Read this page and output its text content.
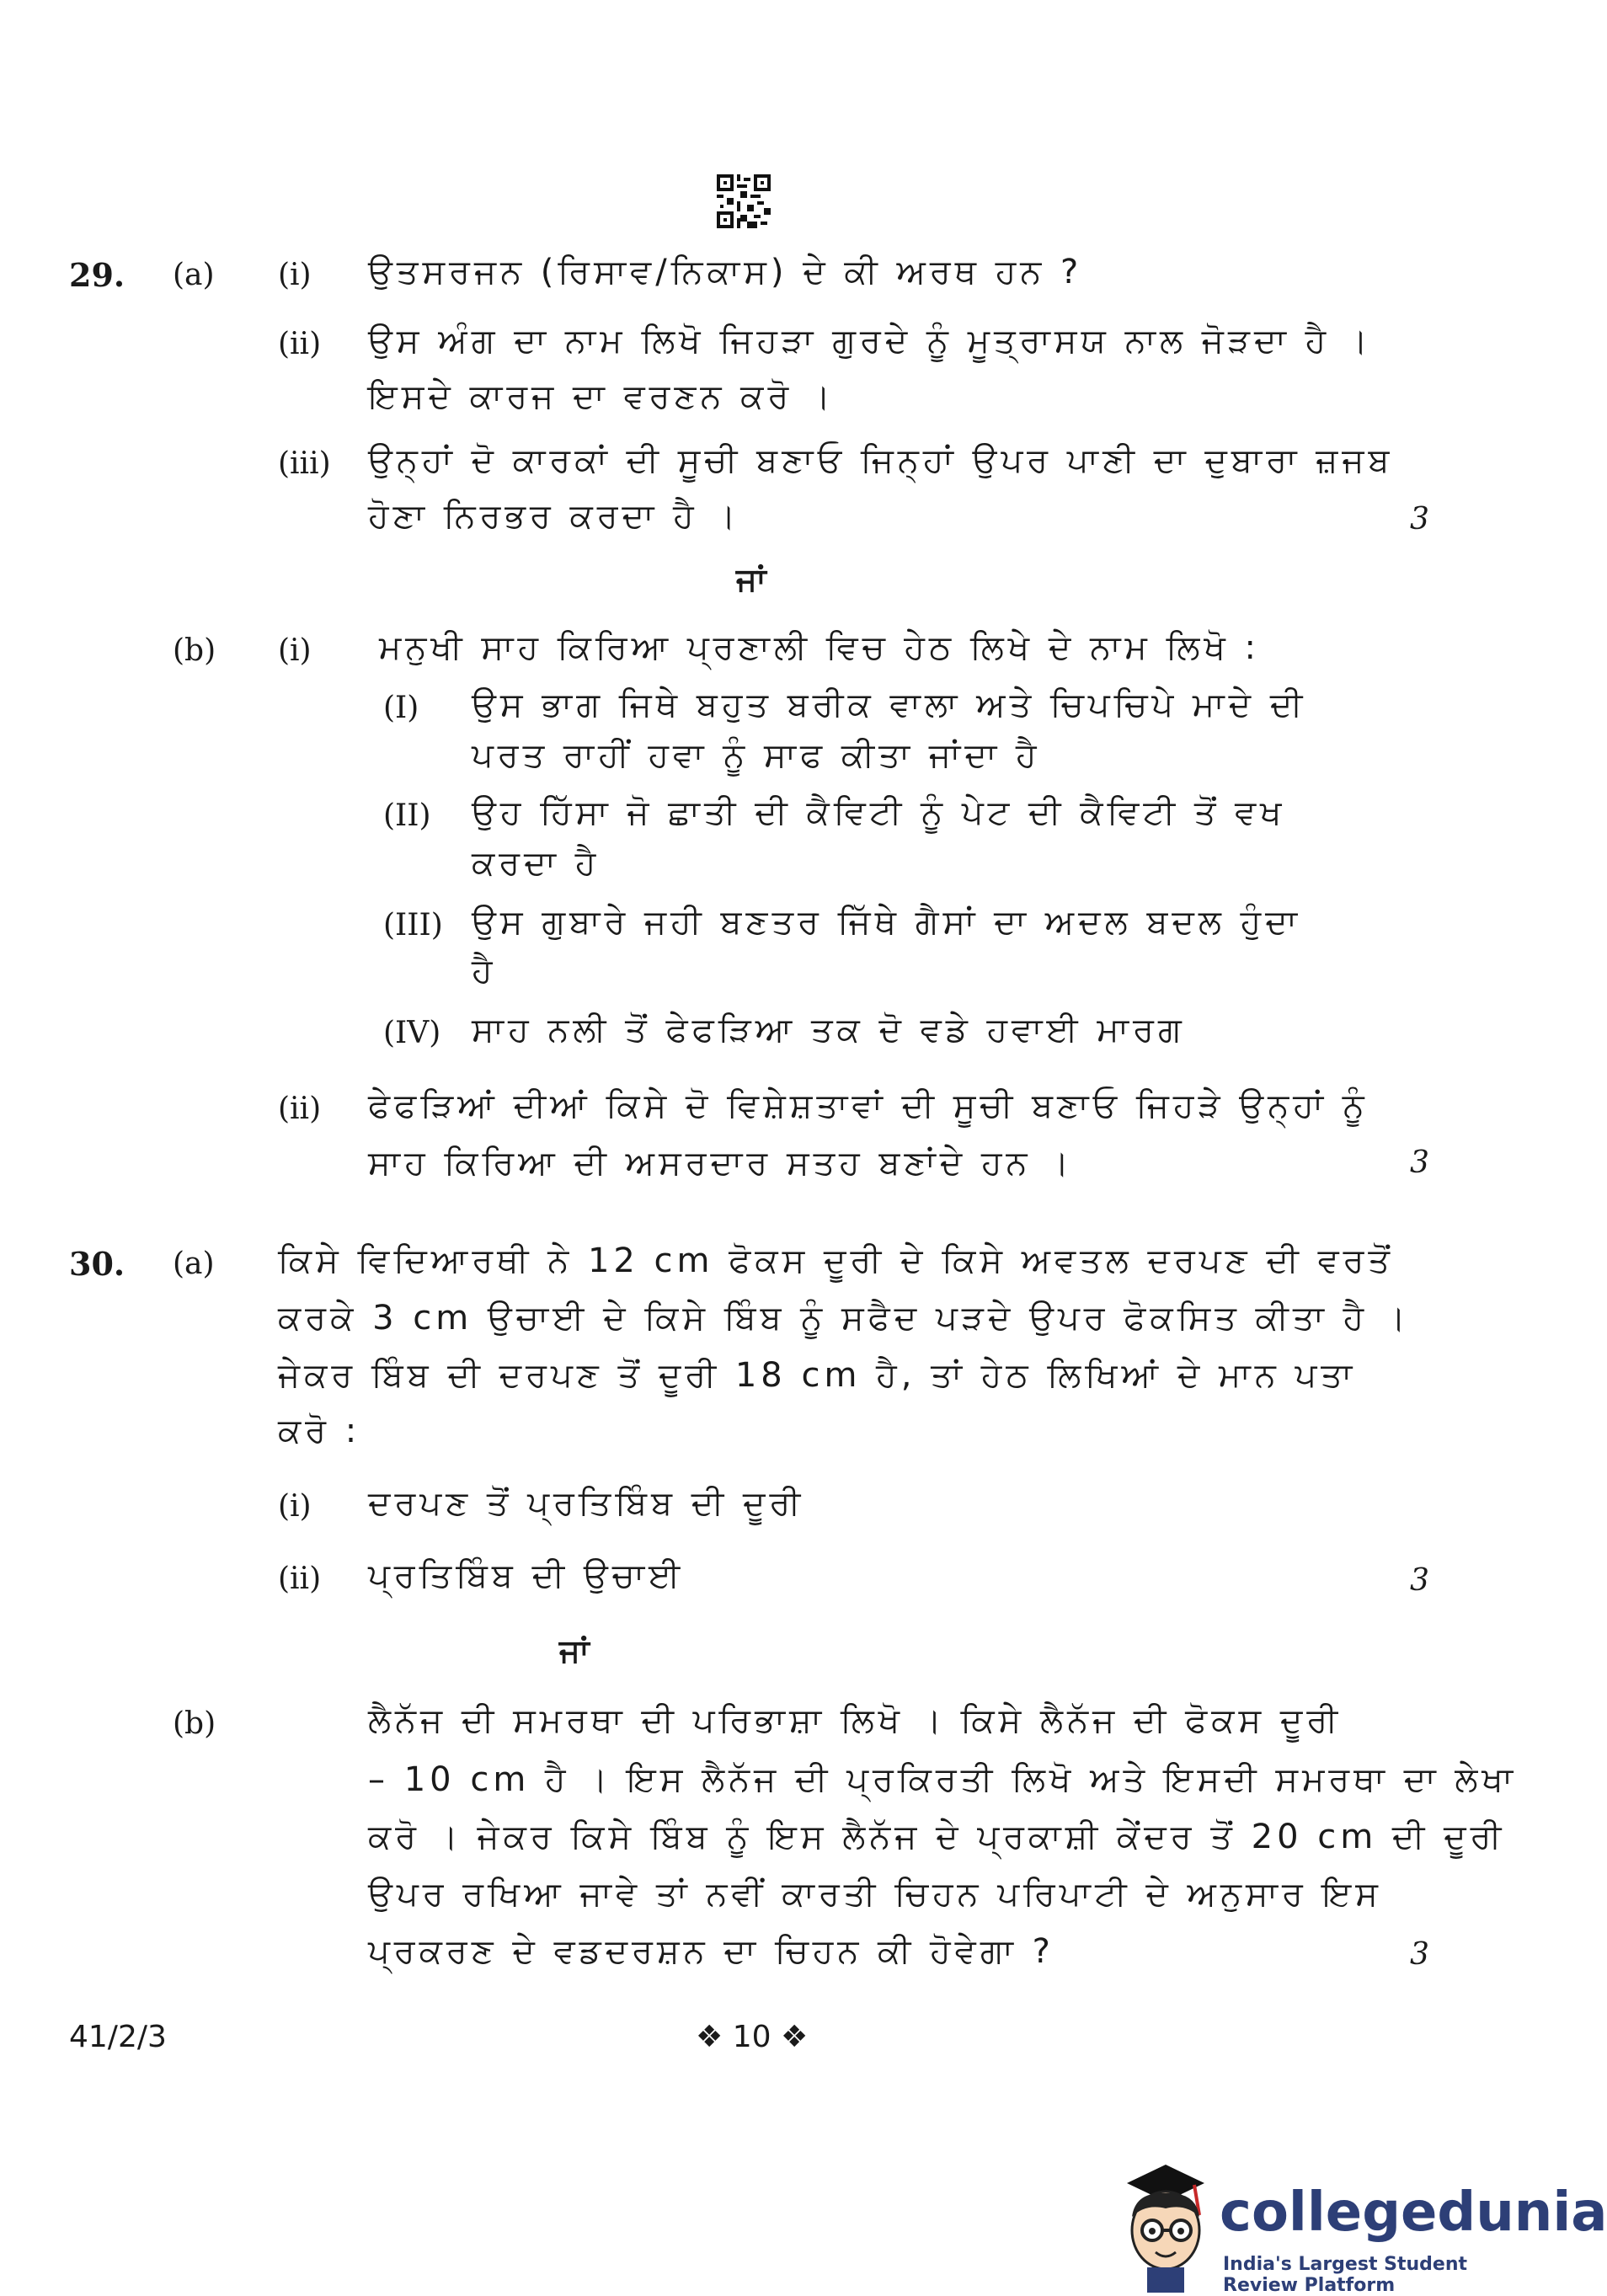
29. (a) (i) ਉਤਸਰਜਨ (ਰਿਸਾਵ/ਨਿਕਾਸ) ਦੇ ਕੀ ਅਰਥ ਹਨ ?
(ii) ਉਸ ਅੰਗ ਦਾ ਨਾਮ ਲਿਖੋ ਜਿਹੜਾ ਗੁਰਦੇ ਨੂੰ ਮੂਤ੍ਰਾਸਯ ਨਾਲ ਜੋੜਦਾ ਹੈ ।
ਇਸਦੇ ਕਾਰਜ ਦਾ ਵਰਣਨ ਕਰੋ ।
(iii) ਉਨ੍ਹਾਂ ਦੋ ਕਾਰਕਾਂ ਦੀ ਸੂਚੀ ਬਣਾਓ ਜਿਨ੍ਹਾਂ ਉਪਰ ਪਾਣੀ ਦਾ ਦੁਬਾਰਾ ਜ਼ਜਬ
ਹੋਣਾ ਨਿਰਭਰ ਕਰਦਾ ਹੈ ।	3
ਜਾਂ
(b) (i) ਮਨੁਖੀ ਸਾਹ ਕਿਰਿਆ ਪ੍ਰਣਾਲੀ ਵਿਚ ਹੇਠ ਲਿਖੇ ਦੇ ਨਾਮ ਲਿਖੋ :
(I) ਉਸ ਭਾਗ ਜਿਥੇ ਬਹੁਤ ਬਰੀਕ ਵਾਲਾ ਅਤੇ ਚਿਪਚਿਪੇ ਮਾਦੇ ਦੀ
ਪਰਤ ਰਾਹੀਂ ਹਵਾ ਨੂੰ ਸਾਫ ਕੀਤਾ ਜਾਂਦਾ ਹੈ
(II) ਉਹ ਹਿੱਸਾ ਜੋ ਛਾਤੀ ਦੀ ਕੈਵਿਟੀ ਨੂੰ ਪੇਟ ਦੀ ਕੈਵਿਟੀ ਤੋਂ ਵਖ
ਕਰਦਾ ਹੈ
(III) ਉਸ ਗੁਬਾਰੇ ਜਹੀ ਬਣਤਰ ਜਿੱਥੇ ਗੈਸਾਂ ਦਾ ਅਦਲ ਬਦਲ ਹੁੰਦਾ
ਹੈ
(IV) ਸਾਹ ਨਲੀ ਤੋਂ ਫੇਫੜਿਆ ਤਕ ਦੋ ਵਡੇ ਹਵਾਈ ਮਾਰਗ
(ii) ਫੇਫੜਿਆਂ ਦੀਆਂ ਕਿਸੇ ਦੋ ਵਿਸ਼ੇਸ਼ਤਾਵਾਂ ਦੀ ਸੂਚੀ ਬਣਾਓ ਜਿਹੜੇ ਉਨ੍ਹਾਂ ਨੂੰ
ਸਾਹ ਕਿਰਿਆ ਦੀ ਅਸਰਦਾਰ ਸਤਹ ਬਣਾਂਦੇ ਹਨ ।	3
30. (a) ਕਿਸੇ ਵਿਦਿਆਰਥੀ ਨੇ 12 cm ਫੋਕਸ ਦੂਰੀ ਦੇ ਕਿਸੇ ਅਵਤਲ ਦਰਪਣ ਦੀ ਵਰਤੋਂ
ਕਰਕੇ 3 cm ਉਚਾਈ ਦੇ ਕਿਸੇ ਬਿੰਬ ਨੂੰ ਸਫੈਦ ਪੜਦੇ ਉਪਰ ਫੋਕਸਿਤ ਕੀਤਾ ਹੈ ।
ਜੇਕਰ ਬਿੰਬ ਦੀ ਦਰਪਣ ਤੋਂ ਦੂਰੀ 18 cm ਹੈ, ਤਾਂ ਹੇਠ ਲਿਖਿਆਂ ਦੇ ਮਾਨ ਪਤਾ
ਕਰੋ :
(i) ਦਰਪਣ ਤੋਂ ਪ੍ਰਤਿਬਿੰਬ ਦੀ ਦੂਰੀ
(ii) ਪ੍ਰਤਿਬਿੰਬ ਦੀ ਉਚਾਈ	3
ਜਾਂ
(b)	ਲੈਨੱਜ ਦੀ ਸਮਰਥਾ ਦੀ ਪਰਿਭਾਸ਼ਾ ਲਿਖੋ । ਕਿਸੇ ਲੈਨੱਜ ਦੀ ਫੋਕਸ ਦੂਰੀ
– 10 cm ਹੈ । ਇਸ ਲੈਨੱਜ ਦੀ ਪ੍ਰਕਿਰਤੀ ਲਿਖੋ ਅਤੇ ਇਸਦੀ ਸਮਰਥਾ ਦਾ ਲੇਖਾ
ਕਰੋ । ਜੇਕਰ ਕਿਸੇ ਬਿੰਬ ਨੂੰ ਇਸ ਲੈਨੱਜ ਦੇ ਪ੍ਰਕਾਸ਼ੀ ਕੇਂਦਰ ਤੋਂ 20 cm ਦੀ ਦੂਰੀ
ਉਪਰ ਰਖਿਆ ਜਾਵੇ ਤਾਂ ਨਵੀਂ ਕਾਰਤੀ ਚਿਹਨ ਪਰਿਪਾਟੀ ਦੇ ਅਨੁਸਾਰ ਇਸ
ਪ੍ਰਕਰਣ ਦੇ ਵਡਦਰਸ਼ਨ ਦਾ ਚਿਹਨ ਕੀ ਹੋਵੇਗਾ ?	3
41/2/3	❖ 10 ❖
collegedunia
India's Largest Student Review Platform
